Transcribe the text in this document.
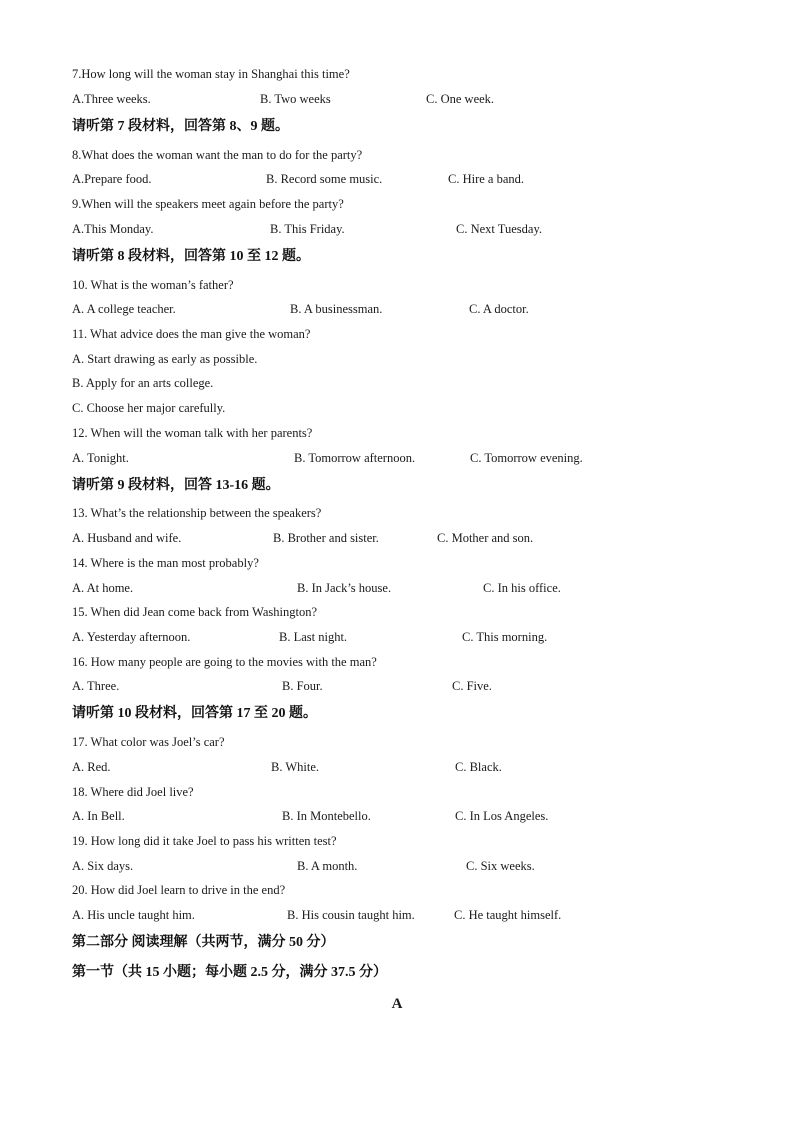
7.How long will the woman stay in Shanghai this time?
A.Three weeks.	B. Two weeks	C. One week.
请听第 7 段材料，回答第 8、9 题。
8.What does the woman want the man to do for the party?
A.Prepare food.	B. Record some music.	C. Hire a band.
9.When will the speakers meet again before the party?
A.This Monday.	B. This Friday.	C. Next Tuesday.
请听第 8 段材料，回答第 10 至 12 题。
10. What is the woman’s father?
A. A college teacher.	B. A businessman.	C. A doctor.
11. What advice does the man give the woman?
A. Start drawing as early as possible.
B. Apply for an arts college.
C. Choose her major carefully.
12. When will the woman talk with her parents?
A. Tonight.	B. Tomorrow afternoon.	C. Tomorrow evening.
请听第 9 段材料，回答 13-16 题。
13. What’s the relationship between the speakers?
A. Husband and wife.	B. Brother and sister.	C. Mother and son.
14. Where is the man most probably?
A. At home.	B. In Jack’s house.	C. In his office.
15. When did Jean come back from Washington?
A. Yesterday afternoon.	B. Last night.	C. This morning.
16. How many people are going to the movies with the man?
A. Three.	B. Four.	C. Five.
请听第 10 段材料，回答第 17 至 20 题。
17. What color was Joel’s car?
A. Red.	B. White.	C. Black.
18. Where did Joel live?
A. In Bell.	B. In Montebello.	C. In Los Angeles.
19. How long did it take Joel to pass his written test?
A. Six days.	B. A month.	C. Six weeks.
20. How did Joel learn to drive in the end?
A. His uncle taught him.	B. His cousin taught him.	C. He taught himself.
第二部分 阅读理解（共两节，满分 50 分）
第一节（共 15 小题；每小题 2.5 分，满分 37.5 分）
A
